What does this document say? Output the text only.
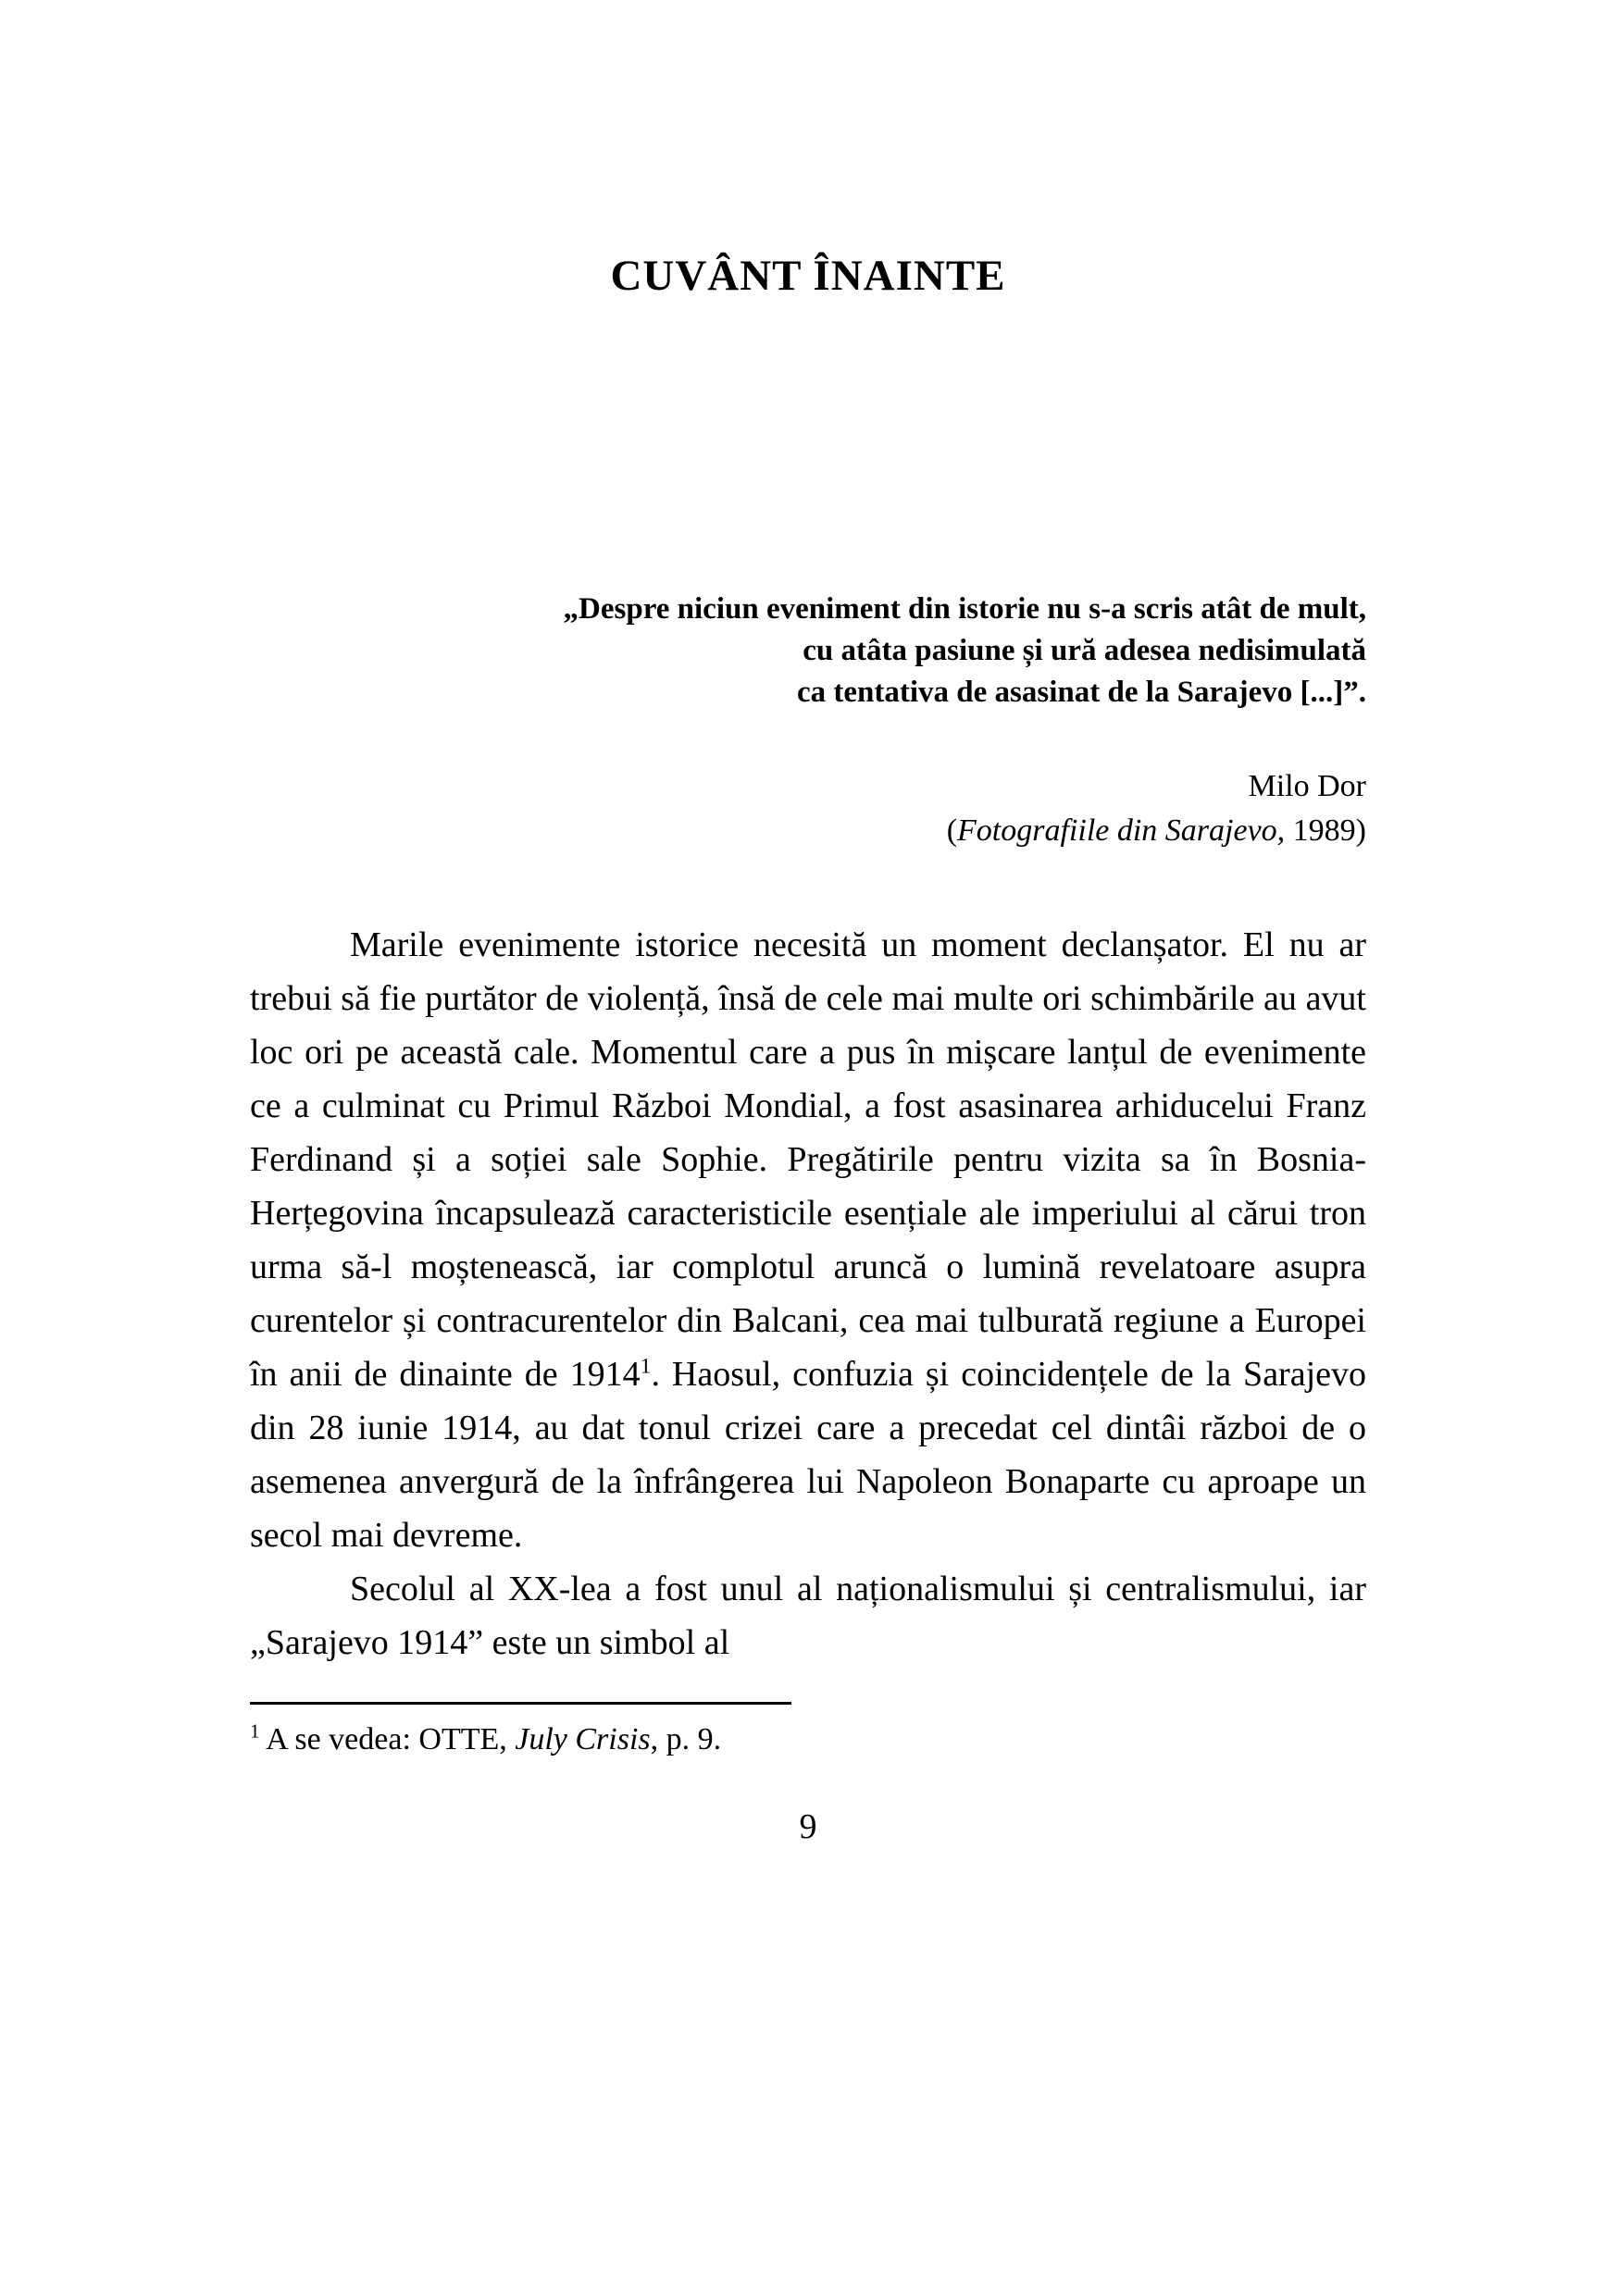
CUVÂNT ÎNAINTE
„Despre niciun eveniment din istorie nu s-a scris atât de mult,
cu atâta pasiune și ură adesea nedisimulată
ca tentativa de asasinat de la Sarajevo [...]”.
Milo Dor
(Fotografiile din Sarajevo, 1989)

Marile evenimente istorice necesită un moment declanșator. El nu ar trebui să fie purtător de violență, însă de cele mai multe ori schimbările au avut loc ori pe această cale. Momentul care a pus în mișcare lanțul de evenimente ce a culminat cu Primul Război Mondial, a fost asasinarea arhiducelui Franz Ferdinand și a soției sale Sophie. Pregătirile pentru vizita sa în Bosnia-Herțegovina încapsulează caracteristicile esențiale ale imperiului al cărui tron urma să-l moștenească, iar complotul aruncă o lumină revelatoare asupra curentelor și contracurentelor din Balcani, cea mai tulburată regiune a Europei în anii de dinainte de 1914$^1$. Haosul, confuzia și coincidențele de la Sarajevo din 28 iunie 1914, au dat tonul crizei care a precedat cel dintâi război de o asemenea anvergură de la înfrângerea lui Napoleon Bonaparte cu aproape un secol mai devreme.

Secolul al XX-lea a fost unul al naționalismului și centralismului, iar „Sarajevo 1914” este un simbol al

$^1$ A se vedea: OTTE, July Crisis, p. 9.

9
